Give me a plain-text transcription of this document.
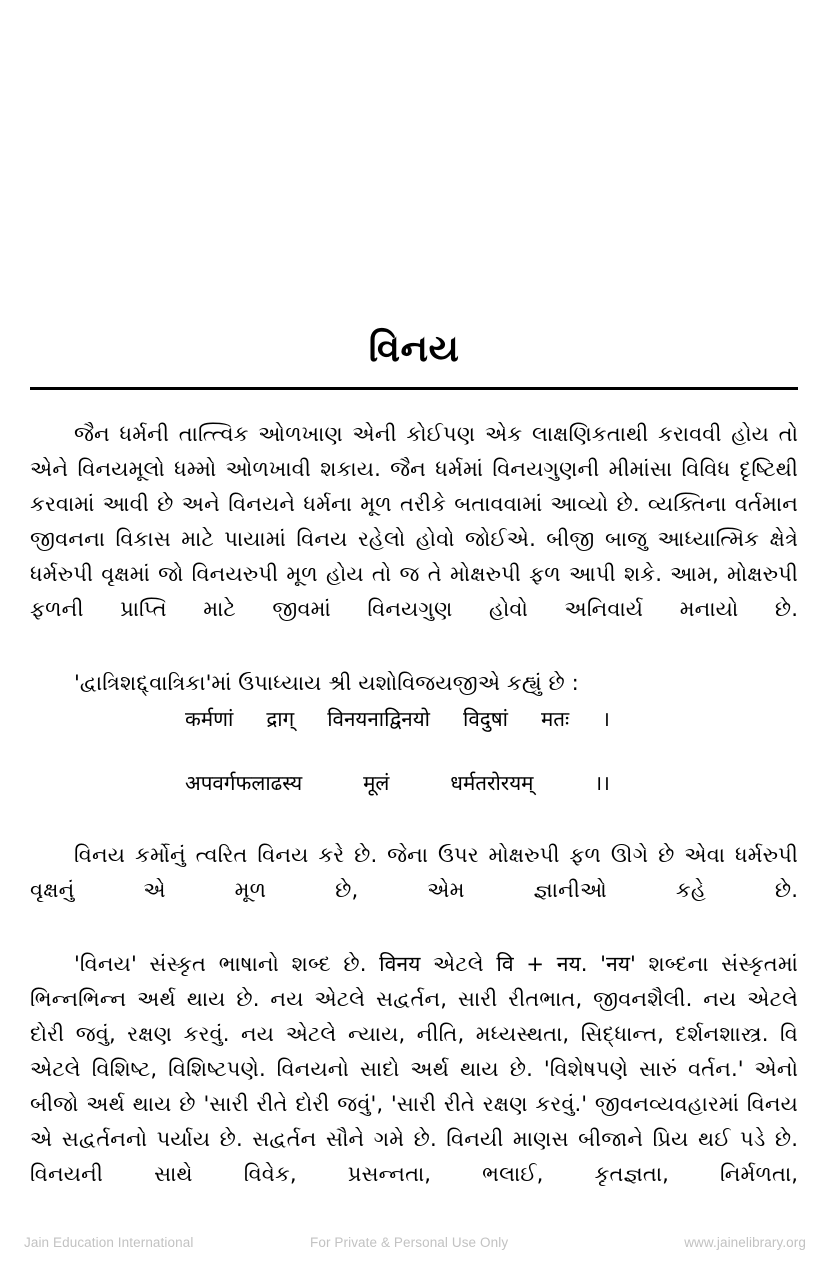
વિનય

જૈન ધર્મની તાત્ત્વિક ઓળખાણ એની કોઈપણ એક લાક્ષણિકતાથી કરાવવી હોય તો એને વિનયમૂલો ધમ્મો ઓળખાવી શકાય. જૈન ધર્મમાં વિનયગુણની મીમાંસા વિવિધ દૃષ્ટિથી કરવામાં આવી છે અને વિનયને ધર્મના મૂળ તરીકે બતાવવામાં આવ્યો છે. વ્યક્તિના વર્તમાન જીવનના વિકાસ માટે પાયામાં વિનય રહેલો હોવો જોઈએ. બીજી બાજુ આધ્યાત્મિક ક્ષેત્રે ધર્મરુપી વૃક્ષમાં જો વિનયરુપી મૂળ હોય તો જ તે મોક્ષરુપી ફળ આપી શકે. આમ, મોક્ષરુપી ફળની પ્રાપ્તિ માટે જીવમાં વિનયગુણ હોવો અનિવાર્ય મનાયો છે.

'દ્વાત્રિશદ્દ્વાત્રિકા'માં ઉપાધ્યાય શ્રી યશોવિજયજીએ કહ્યું છે :

कर्मणां द्राग् विनयनाद्विनयो विदुषां मतः ।
अपवर्गफलाढस्य मूलं धर्मतरोरयम् ।।

વિનય કર્મોનું ત્વરિત વિનય કરે છે. જેના ઉપર મોક્ષરુપી ફળ ઊગે છે એવા ધર્મરુપી વૃક્ષનું એ મૂળ છે, એમ જ્ઞાનીઓ કહે છે.

'વિનય' સંસ્કૃત ભાષાનો શબ્દ છે. विनय એટલે वि + नय. 'नय' શબ્દના સંસ્કૃતમાં ભિન્નભિન્ન અર્થ થાય છે. નય એટલે સદ્વર્તન, સારી રીતભાત, જીવનશૈલી. નય એટલે દોરી જવું, રક્ષણ કરવું. નય એટલે ન્યાય, નીતિ, મધ્યસ્થતા, સિદ્ધાન્ત, દર્શનશાસ્ત્ર. વિ એટલે વિશિષ્ટ, વિશિષ્ટપણે. વિનયનો સાદો અર્થ થાય છે. 'વિશેષપણે સારું વર્તન.' એનો બીજો અર્થ થાય છે 'સારી રીતે દોરી જવું', 'સારી રીતે રક્ષણ કરવું.' જીવનવ્યવહારમાં વિનય એ સદ્વર્તનનો પર્યાય છે. સદ્વર્તન સૌને ગમે છે. વિનયી માણસ બીજાને પ્રિય થઈ પડે છે. વિનયની સાથે વિવેક, પ્રસન્નતા, ભલાઈ, કૃતજ્ઞતા, નિર્મળતા,

Jain Education International	For Private & Personal Use Only	www.jainelibrary.org
